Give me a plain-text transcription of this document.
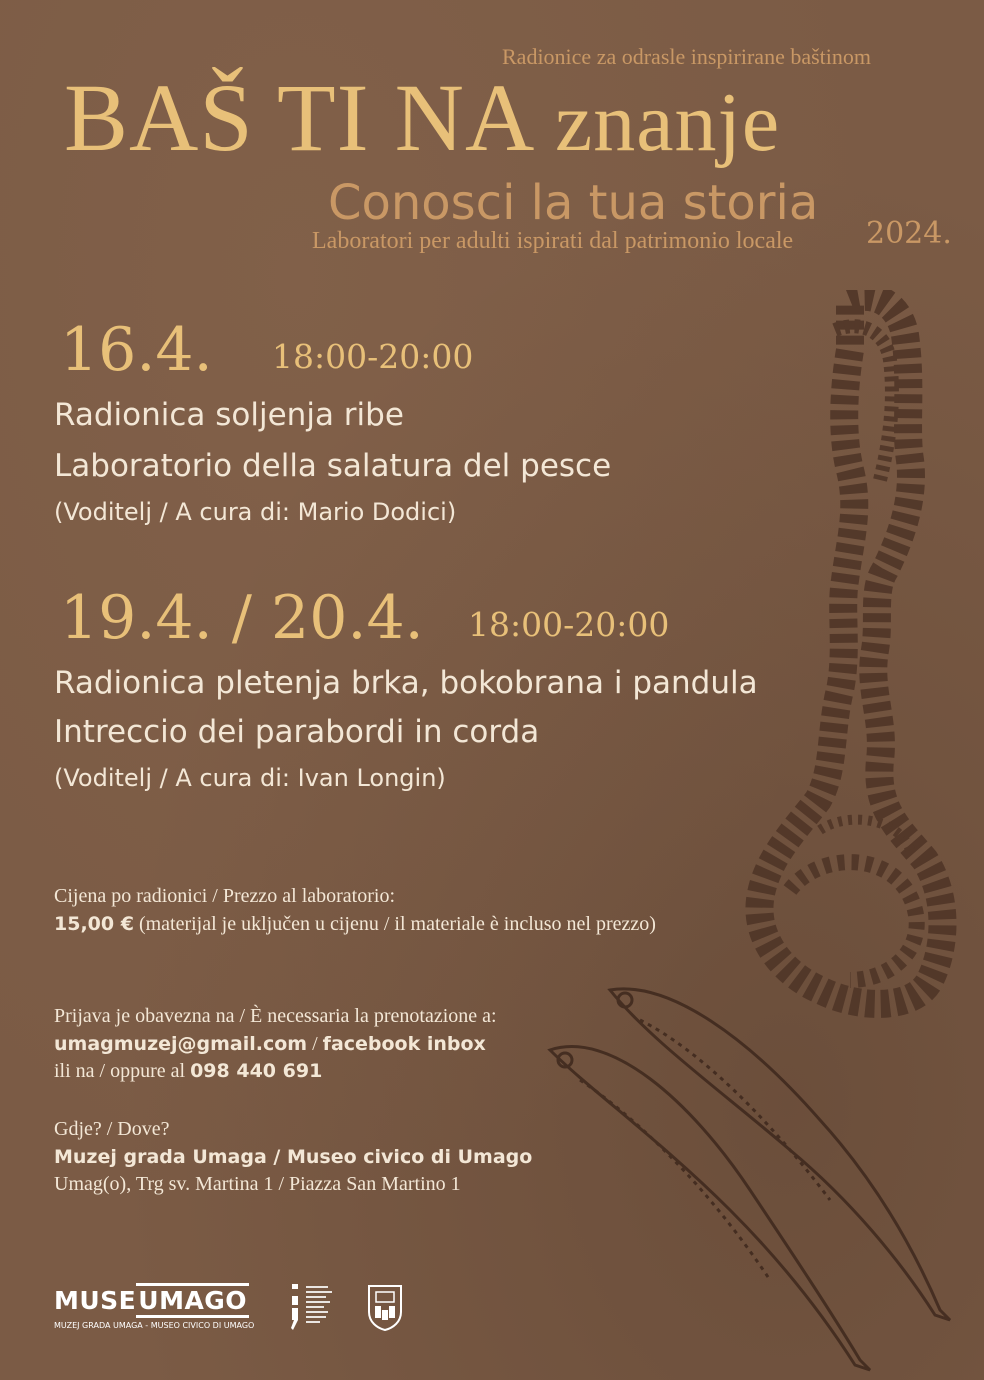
Radionice za odrasle inspirirane baštinom
BAŠ TI NA znanje
Conosci la tua storia
Laboratori per adulti ispirati dal patrimonio locale 2024.
16.4. 18:00-20:00
Radionica soljenja ribe
Laboratorio della salatura del pesce
(Voditelj / A cura di: Mario Dodici)
19.4. / 20.4. 18:00-20:00
Radionica pletenja brka, bokobrana i pandula
Intreccio dei parabordi in corda
(Voditelj / A cura di: Ivan Longin)
Cijena po radionici / Prezzo al laboratorio:
15,00 € (materijal je uključen u cijenu / il materiale è incluso nel prezzo)
Prijava je obavezna na / È necessaria la prenotazione a:
umagmuzej@gmail.com / facebook inbox
ili na / oppure al 098 440 691
Gdje? / Dove?
Muzej grada Umaga / Museo civico di Umago
Umag(o), Trg sv. Martina 1 / Piazza San Martino 1
MUSEUMAGO
MUZEJ GRADA UMAGA - MUSEO CIVICO DI UMAGO
